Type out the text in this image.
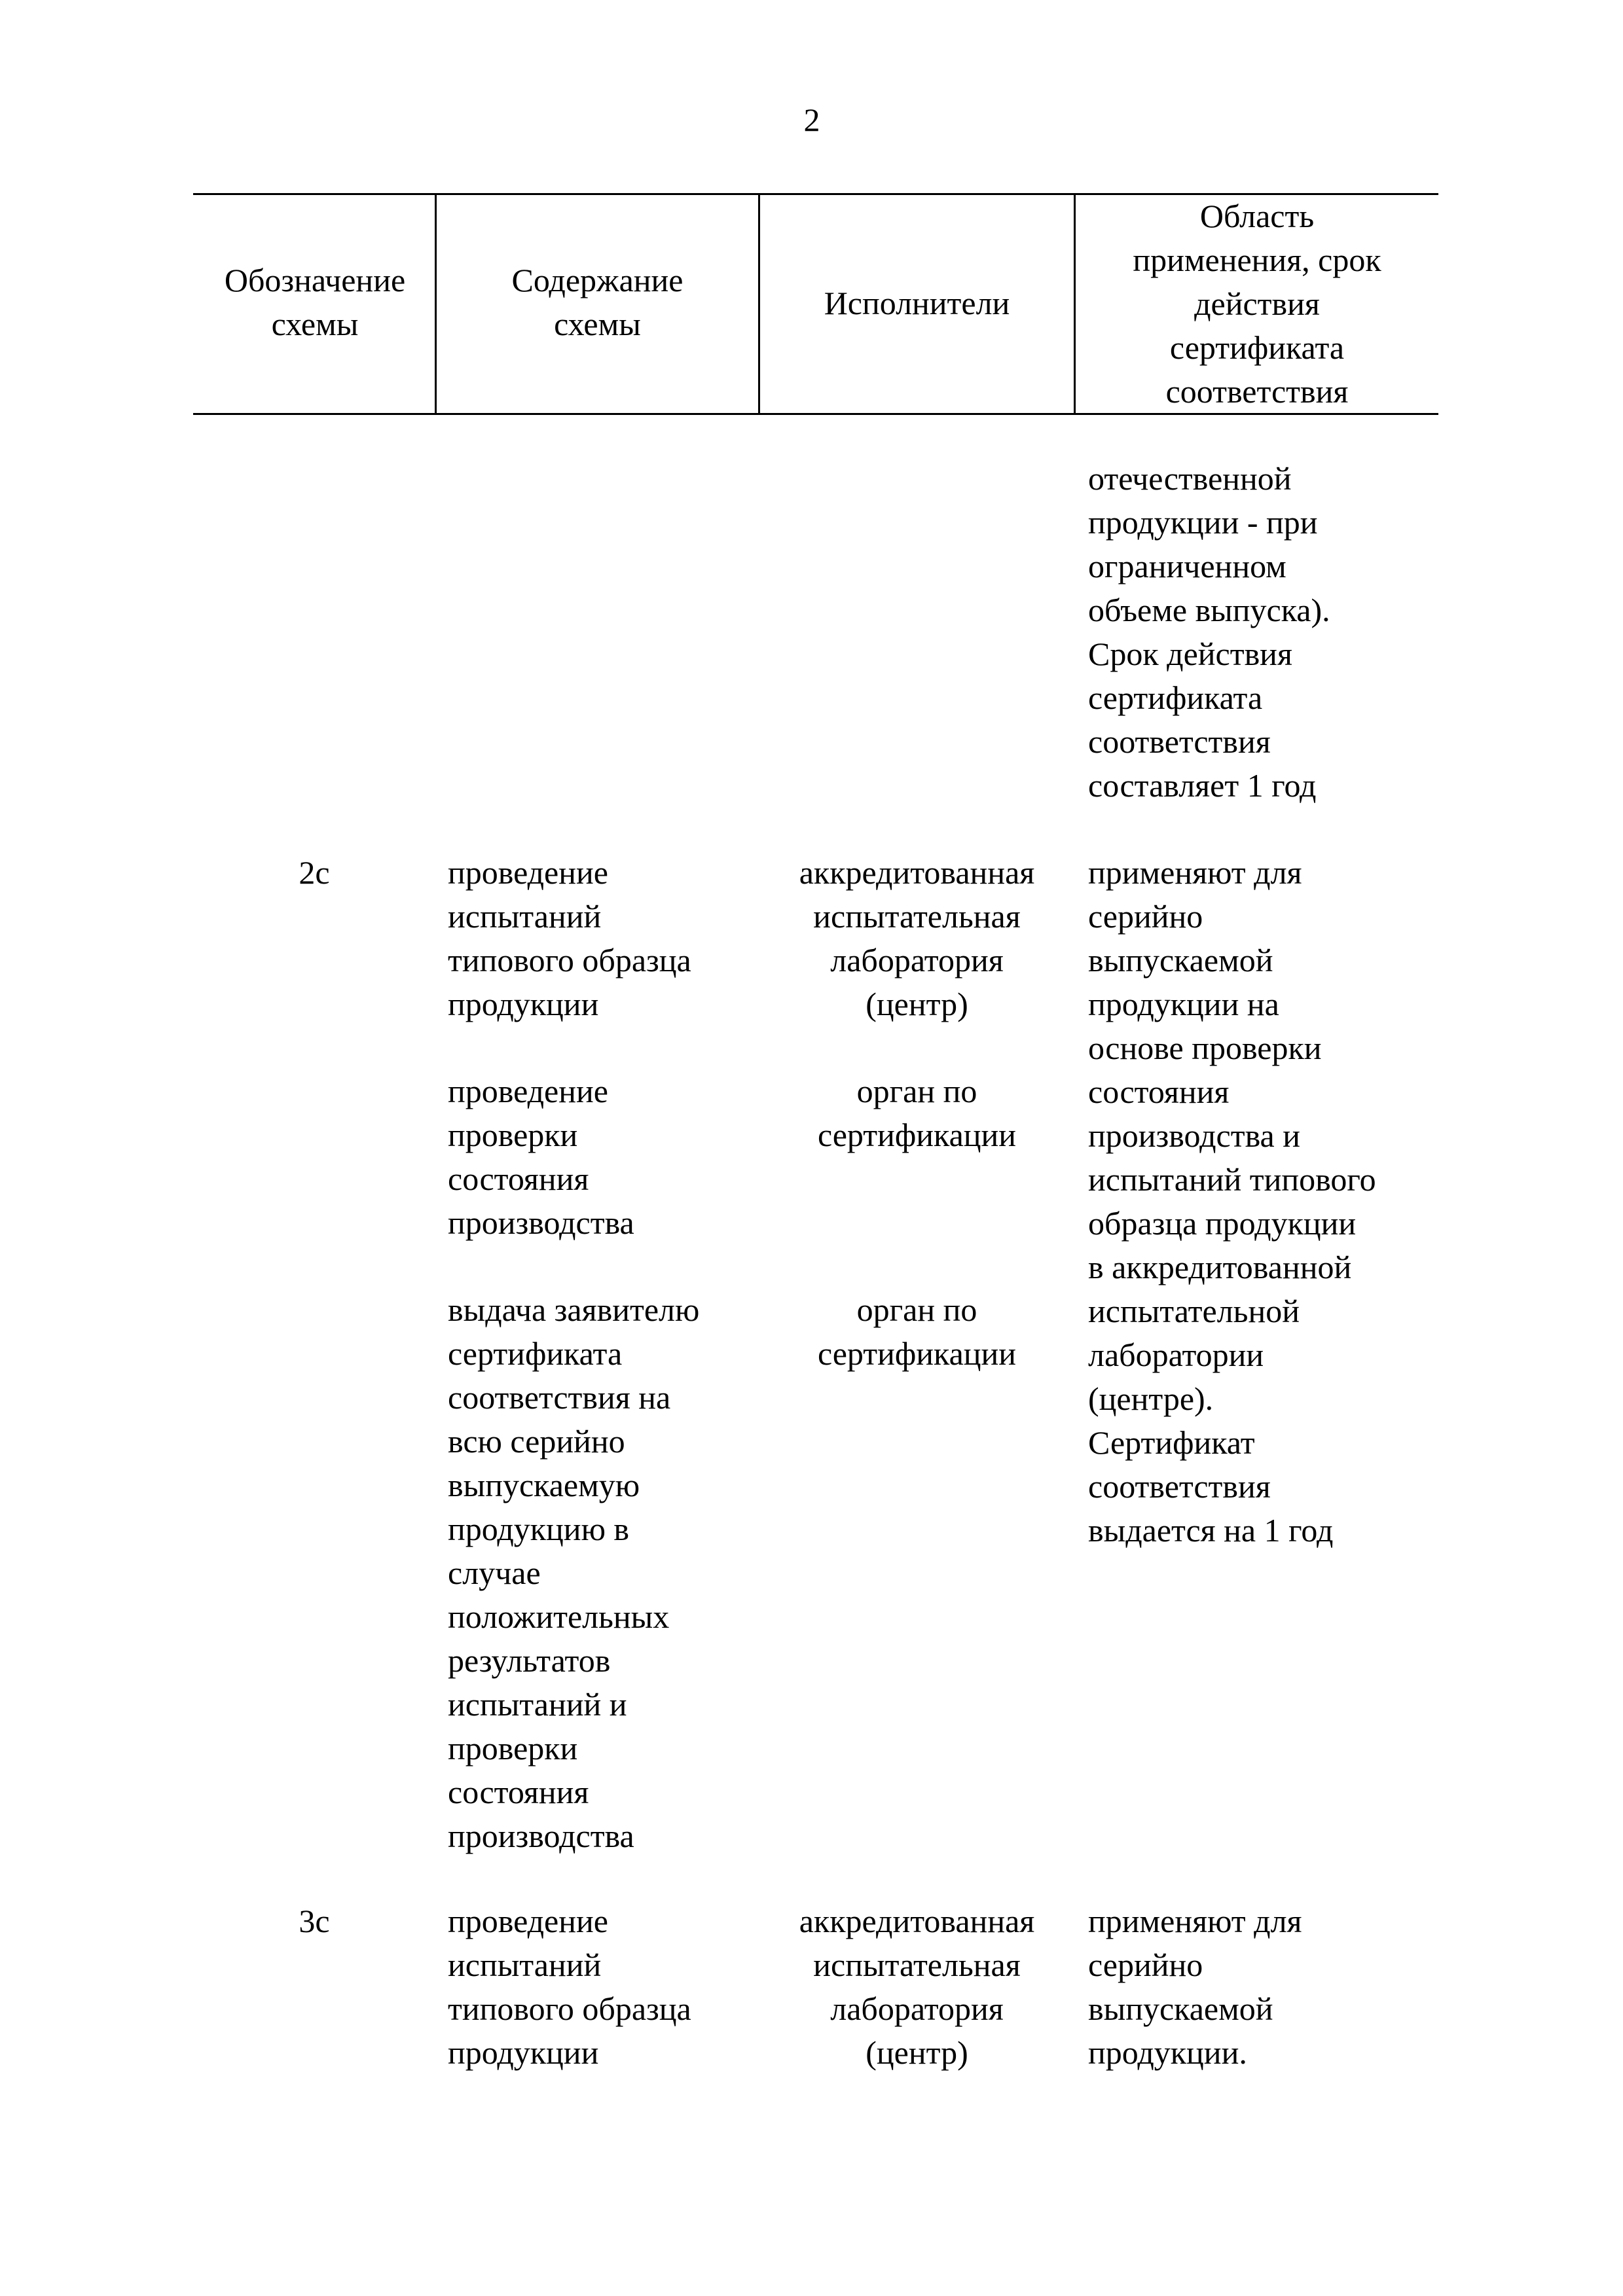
2
Обозначение
схемы
Содержание
схемы
Исполнители
Область
применения, срок
действия
сертификата
соответствия
отечественной
продукции - при
ограниченном
объеме выпуска).
Срок действия
сертификата
соответствия
составляет 1 год
2с	проведение
испытаний
типового образца
продукции
проведение
проверки
состояния
производства
выдача заявителю
сертификата
соответствия на
всю серийно
выпускаемую
продукцию в
случае
положительных
результатов
испытаний и
проверки
состояния
производства
аккредитованная
испытательная
лаборатория
(центр)
орган по
сертификации
орган по
сертификации
применяют для
серийно
выпускаемой
продукции на
основе проверки
состояния
производства и
испытаний типового
образца продукции
в аккредитованной
испытательной
лаборатории
(центре).
Сертификат
соответствия
выдается на 1 год
3с	проведение
испытаний
типового образца
продукции
аккредитованная
испытательная
лаборатория
(центр)
применяют для
серийно
выпускаемой
продукции.
